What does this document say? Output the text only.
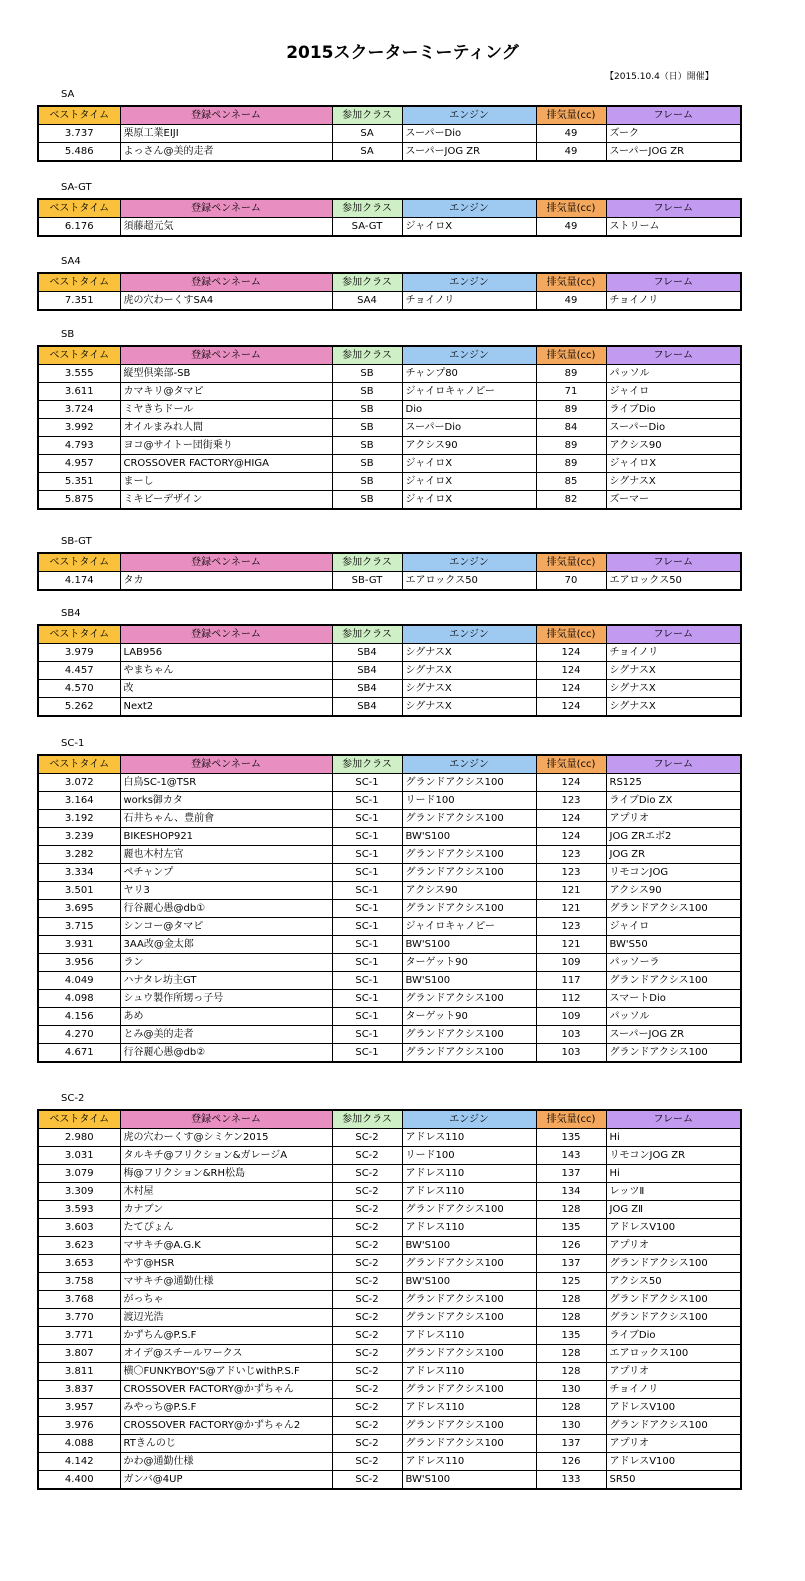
2015スクーターミーティング
【2015.10.4（日）開催】
SA
ベストタイム	登録ペンネーム	参加クラス	エンジン	排気量(cc)	フレーム
3.737	栗原工業EIJI	SA	スーパーDio	49	ズーク
5.486	よっさん@美的走者	SA	スーパーJOG ZR	49	スーパーJOG ZR
SA-GT
ベストタイム	登録ペンネーム	参加クラス	エンジン	排気量(cc)	フレーム
6.176	須藤超元気	SA-GT	ジャイロX	49	ストリーム
SA4
ベストタイム	登録ペンネーム	参加クラス	エンジン	排気量(cc)	フレーム
7.351	虎の穴わーくすSA4	SA4	チョイノリ	49	チョイノリ
SB
ベストタイム	登録ペンネーム	参加クラス	エンジン	排気量(cc)	フレーム
3.555	縦型倶楽部-SB	SB	チャンプ80	89	パッソル
3.611	カマキリ@タマピ	SB	ジャイロキャノピー	71	ジャイロ
3.724	ミヤきちドール	SB	Dio	89	ライブDio
3.992	オイルまみれ人間	SB	スーパーDio	84	スーパーDio
4.793	ヨコ@サイトー団街乗り	SB	アクシス90	89	アクシス90
4.957	CROSSOVER FACTORY@HIGA	SB	ジャイロX	89	ジャイロX
5.351	まーし	SB	ジャイロX	85	シグナスX
5.875	ミキビーデザイン	SB	ジャイロX	82	ズーマー
SB-GT
ベストタイム	登録ペンネーム	参加クラス	エンジン	排気量(cc)	フレーム
4.174	タカ	SB-GT	エアロックス50	70	エアロックス50
SB4
ベストタイム	登録ペンネーム	参加クラス	エンジン	排気量(cc)	フレーム
3.979	LAB956	SB4	シグナスX	124	チョイノリ
4.457	やまちゃん	SB4	シグナスX	124	シグナスX
4.570	改	SB4	シグナスX	124	シグナスX
5.262	Next2	SB4	シグナスX	124	シグナスX
SC-1
ベストタイム	登録ペンネーム	参加クラス	エンジン	排気量(cc)	フレーム
3.072	白鳥SC-1@TSR	SC-1	グランドアクシス100	124	RS125
3.164	works御カタ	SC-1	リード100	123	ライブDio ZX
3.192	石井ちゃん、豊前會	SC-1	グランドアクシス100	124	アプリオ
3.239	BIKESHOP921	SC-1	BW'S100	124	JOG ZRエボ2
3.282	麗也木村左官	SC-1	グランドアクシス100	123	JOG ZR
3.334	ペチャンプ	SC-1	グランドアクシス100	123	リモコンJOG
3.501	ヤリ3	SC-1	アクシス90	121	アクシス90
3.695	行谷麗心愚@db①	SC-1	グランドアクシス100	121	グランドアクシス100
3.715	シンコー@タマピ	SC-1	ジャイロキャノピー	123	ジャイロ
3.931	3AA改@金太郎	SC-1	BW'S100	121	BW'S50
3.956	ラン	SC-1	ターゲット90	109	パッソーラ
4.049	ハナタレ坊主GT	SC-1	BW'S100	117	グランドアクシス100
4.098	シュウ製作所甥っ子号	SC-1	グランドアクシス100	112	スマートDio
4.156	あめ	SC-1	ターゲット90	109	パッソル
4.270	とみ@美的走者	SC-1	グランドアクシス100	103	スーパーJOG ZR
4.671	行谷麗心愚@db②	SC-1	グランドアクシス100	103	グランドアクシス100
SC-2
ベストタイム	登録ペンネーム	参加クラス	エンジン	排気量(cc)	フレーム
2.980	虎の穴わーくす@シミケン2015	SC-2	アドレス110	135	Hi
3.031	タルキチ@フリクション&ガレージA	SC-2	リード100	143	リモコンJOG ZR
3.079	梅@フリクション&RH松島	SC-2	アドレス110	137	Hi
3.309	木村屋	SC-2	アドレス110	134	レッツⅡ
3.593	カナブン	SC-2	グランドアクシス100	128	JOG ZⅡ
3.603	たてぴょん	SC-2	アドレス110	135	アドレスV100
3.623	マサキチ@A.G.K	SC-2	BW'S100	126	アプリオ
3.653	やす@HSR	SC-2	グランドアクシス100	137	グランドアクシス100
3.758	マサキチ@通勤仕様	SC-2	BW'S100	125	アクシス50
3.768	がっちゃ	SC-2	グランドアクシス100	128	グランドアクシス100
3.770	渡辺光浩	SC-2	グランドアクシス100	128	グランドアクシス100
3.771	かずちん@P.S.F	SC-2	アドレス110	135	ライブDio
3.807	オイデ@スチールワークス	SC-2	グランドアクシス100	128	エアロックス100
3.811	横〇FUNKYBOY'S@アドいじwithP.S.F	SC-2	アドレス110	128	アプリオ
3.837	CROSSOVER FACTORY@かずちゃん	SC-2	グランドアクシス100	130	チョイノリ
3.957	みやっち@P.S.F	SC-2	アドレス110	128	アドレスV100
3.976	CROSSOVER FACTORY@かずちゃん2	SC-2	グランドアクシス100	130	グランドアクシス100
4.088	RTきんのじ	SC-2	グランドアクシス100	137	アプリオ
4.142	かわ@通勤仕様	SC-2	アドレス110	126	アドレスV100
4.400	ガンバ@4UP	SC-2	BW'S100	133	SR50
